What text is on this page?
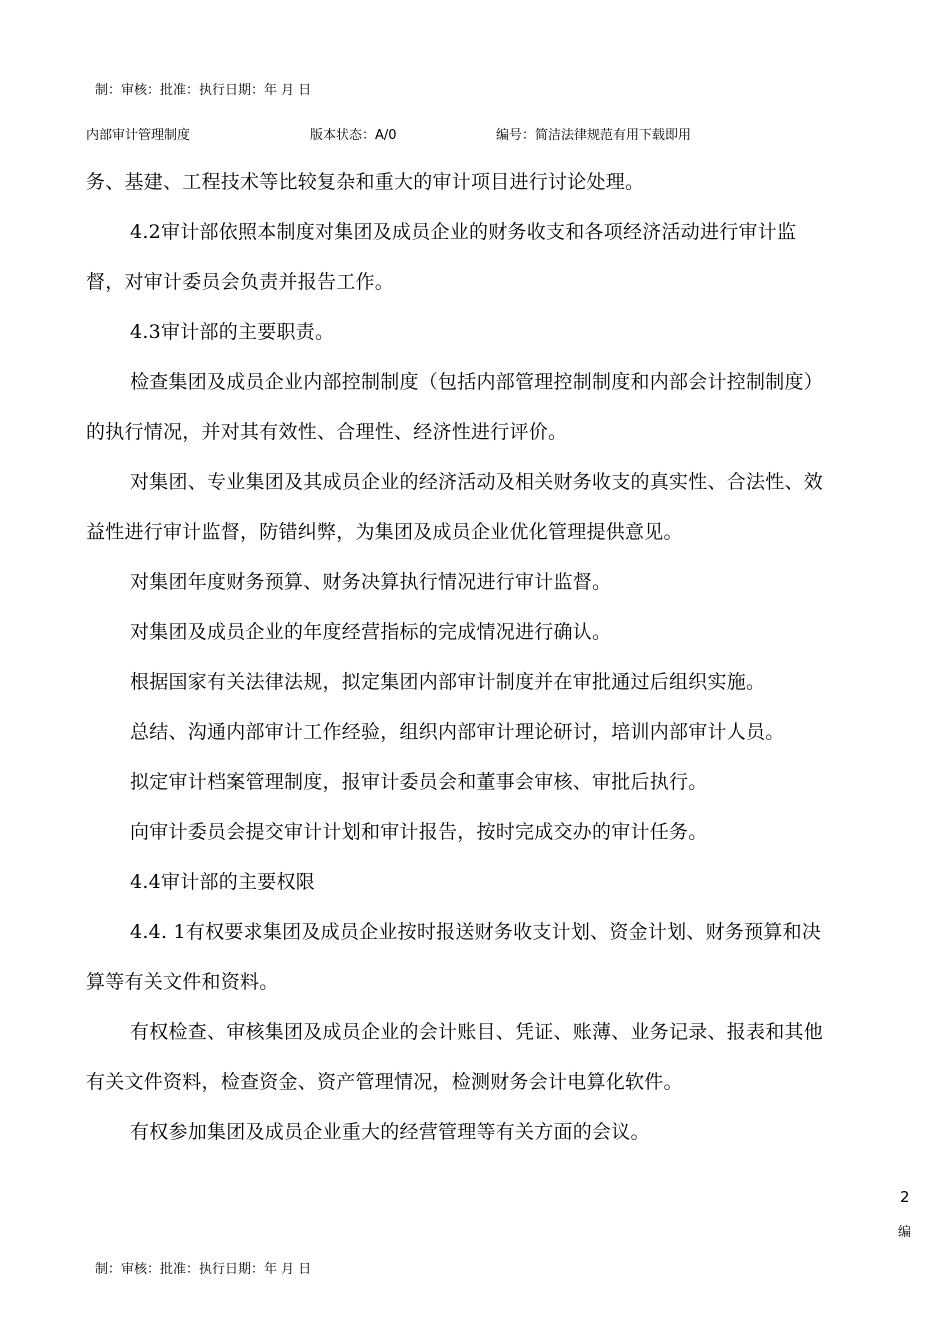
制：审核：批准：执行日期：年 月 日
内部审计管理制度	版本状态：A/0	编号：简洁法律规范有用下载即用
务、基建、工程技术等比较复杂和重大的审计项目进行讨论处理。
4.2审计部依照本制度对集团及成员企业的财务收支和各项经济活动进行审计监
督，对审计委员会负责并报告工作。
4.3审计部的主要职责。
检查集团及成员企业内部控制制度（包括内部管理控制制度和内部会计控制制度）
的执行情况，并对其有效性、合理性、经济性进行评价。
对集团、专业集团及其成员企业的经济活动及相关财务收支的真实性、合法性、效
益性进行审计监督，防错纠弊，为集团及成员企业优化管理提供意见。
对集团年度财务预算、财务决算执行情况进行审计监督。
对集团及成员企业的年度经营指标的完成情况进行确认。
根据国家有关法律法规，拟定集团内部审计制度并在审批通过后组织实施。
总结、沟通内部审计工作经验，组织内部审计理论研讨，培训内部审计人员。
拟定审计档案管理制度，报审计委员会和董事会审核、审批后执行。
向审计委员会提交审计计划和审计报告，按时完成交办的审计任务。
4.4审计部的主要权限
4.4. 1有权要求集团及成员企业按时报送财务收支计划、资金计划、财务预算和决
算等有关文件和资料。
有权检查、审核集团及成员企业的会计账目、凭证、账薄、业务记录、报表和其他
有关文件资料，检查资金、资产管理情况，检测财务会计电算化软件。
有权参加集团及成员企业重大的经营管理等有关方面的会议。
2
编
制：审核：批准：执行日期：年 月 日
